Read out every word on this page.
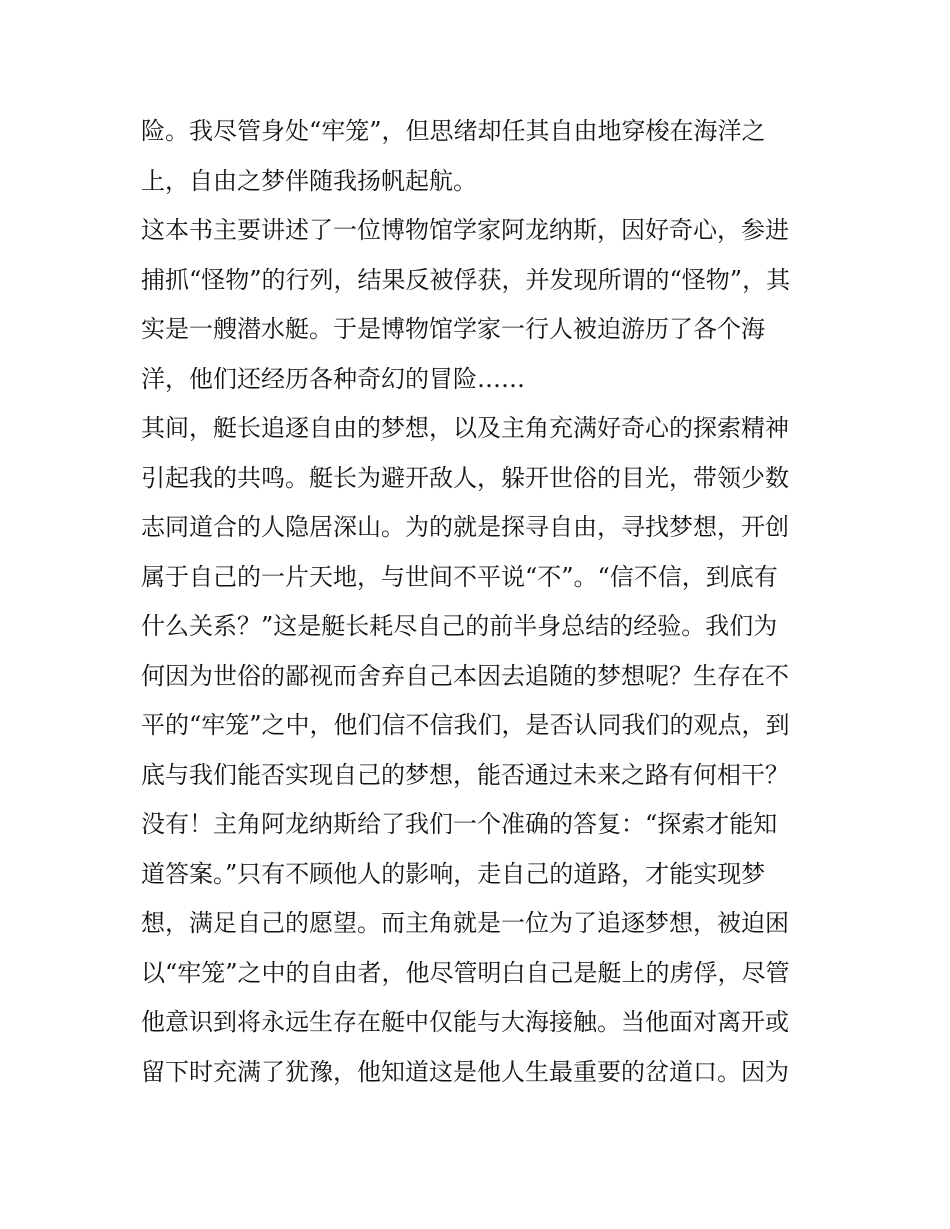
险。我尽管身处“牢笼”，但思绪却任其自由地穿梭在海洋之
上，自由之梦伴随我扬帆起航。
这本书主要讲述了一位博物馆学家阿龙纳斯，因好奇心，参进
捕抓“怪物”的行列，结果反被俘获，并发现所谓的“怪物”，其
实是一艘潜水艇。于是博物馆学家一行人被迫游历了各个海
洋，他们还经历各种奇幻的冒险……
其间，艇长追逐自由的梦想，以及主角充满好奇心的探索精神
引起我的共鸣。艇长为避开敌人，躲开世俗的目光，带领少数
志同道合的人隐居深山。为的就是探寻自由，寻找梦想，开创
属于自己的一片天地，与世间不平说“不”。“信不信，到底有
什么关系？”这是艇长耗尽自己的前半身总结的经验。我们为
何因为世俗的鄙视而舍弃自己本因去追随的梦想呢？生存在不
平的“牢笼”之中，他们信不信我们，是否认同我们的观点，到
底与我们能否实现自己的梦想，能否通过未来之路有何相干？
没有！主角阿龙纳斯给了我们一个准确的答复：“探索才能知
道答案。”只有不顾他人的影响，走自己的道路，才能实现梦
想，满足自己的愿望。而主角就是一位为了追逐梦想，被迫困
以“牢笼”之中的自由者，他尽管明白自己是艇上的虏俘，尽管
他意识到将永远生存在艇中仅能与大海接触。当他面对离开或
留下时充满了犹豫，他知道这是他人生最重要的岔道口。因为
